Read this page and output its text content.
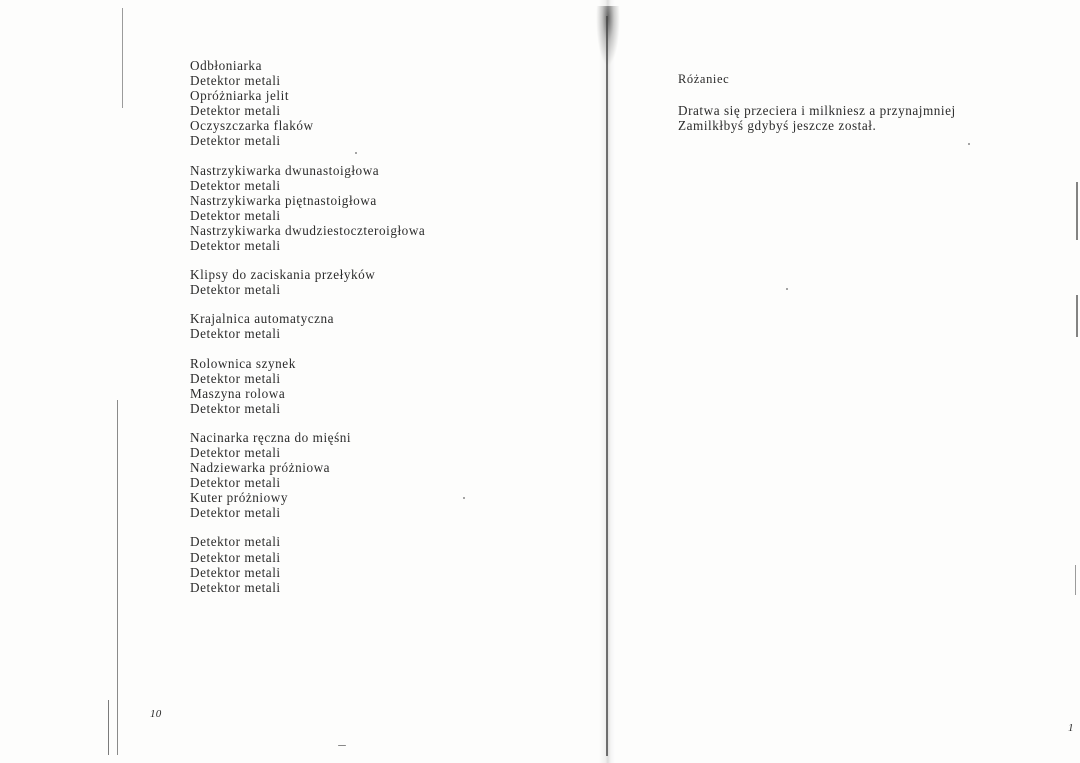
Odbłoniarka
Detektor metali
Opróżniarka jelit
Detektor metali
Oczyszczarka flaków
Detektor metali
Nastrzykiwarka dwunastoigłowa
Detektor metali
Nastrzykiwarka piętnastoigłowa
Detektor metali
Nastrzykiwarka dwudziestoczteroigłowa
Detektor metali
Klipsy do zaciskania przełyków
Detektor metali
Krajalnica automatyczna
Detektor metali
Rolownica szynek
Detektor metali
Maszyna rolowa
Detektor metali
Nacinarka ręczna do mięśni
Detektor metali
Nadziewarka próżniowa
Detektor metali
Kuter próżniowy
Detektor metali
Detektor metali
Detektor metali
Detektor metali
Detektor metali
10
Różaniec
Dratwa się przeciera i milkniesz a przynajmniej
Zamilkłbyś gdybyś jeszcze został.
1
